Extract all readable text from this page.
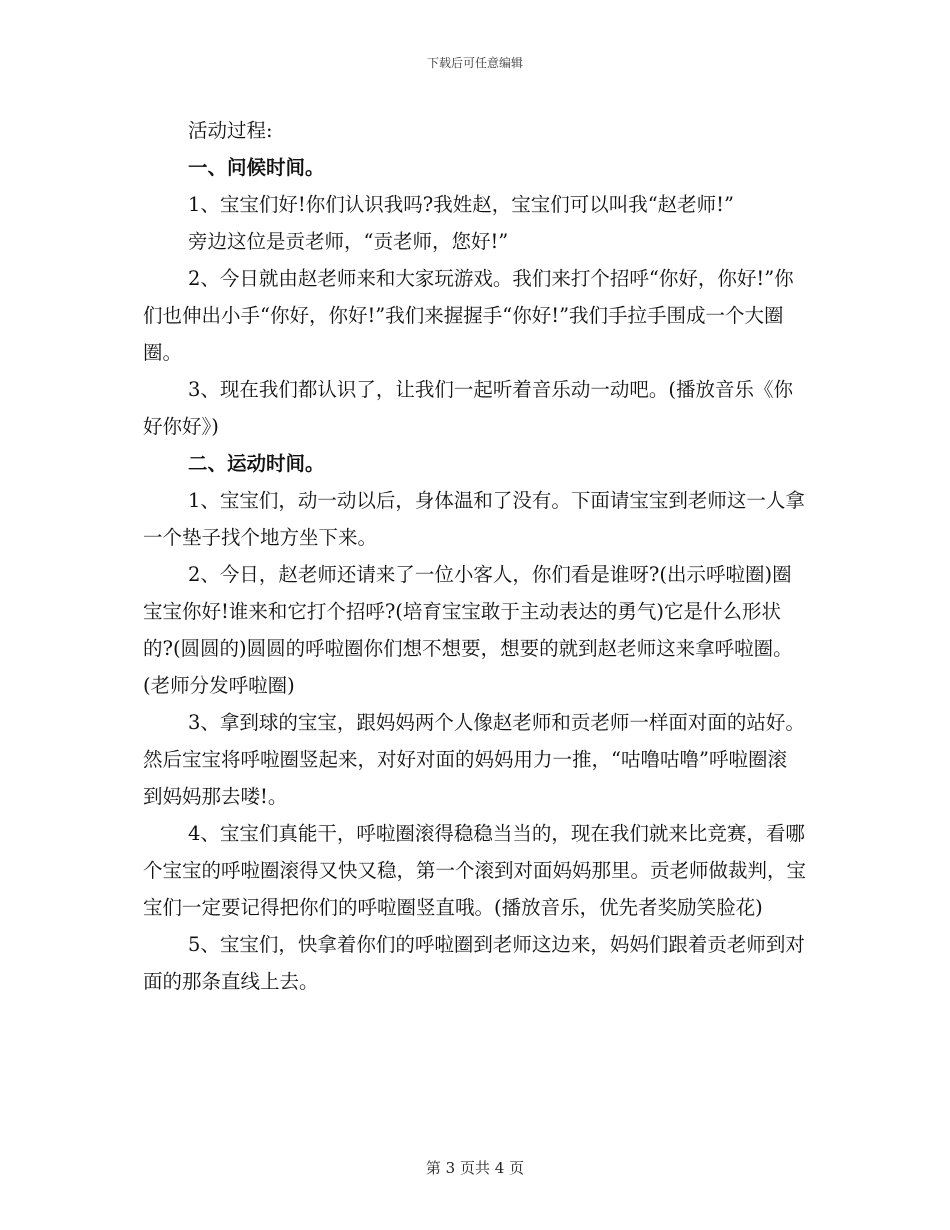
下载后可任意编辑

活动过程:

一、问候时间。

1、宝宝们好!你们认识我吗?我姓赵，宝宝们可以叫我“赵老师!”

旁边这位是贡老师，“贡老师，您好!”

2、今日就由赵老师来和大家玩游戏。我们来打个招呼“你好，你好!”你们也伸出小手“你好，你好!”我们来握握手“你好!”我们手拉手围成一个大圈圈。

3、现在我们都认识了，让我们一起听着音乐动一动吧。(播放音乐《你好你好》)

二、运动时间。

1、宝宝们，动一动以后，身体温和了没有。下面请宝宝到老师这一人拿一个垫子找个地方坐下来。

2、今日，赵老师还请来了一位小客人，你们看是谁呀?(出示呼啦圈)圈宝宝你好!谁来和它打个招呼?(培育宝宝敢于主动表达的勇气)它是什么形状的?(圆圆的)圆圆的呼啦圈你们想不想要，想要的就到赵老师这来拿呼啦圈。(老师分发呼啦圈)

3、拿到球的宝宝，跟妈妈两个人像赵老师和贡老师一样面对面的站好。然后宝宝将呼啦圈竖起来，对好对面的妈妈用力一推，“咕噜咕噜”呼啦圈滚到妈妈那去喽!。

4、宝宝们真能干，呼啦圈滚得稳稳当当的，现在我们就来比竞赛，看哪个宝宝的呼啦圈滚得又快又稳，第一个滚到对面妈妈那里。贡老师做裁判，宝宝们一定要记得把你们的呼啦圈竖直哦。(播放音乐，优先者奖励笑脸花)

5、宝宝们，快拿着你们的呼啦圈到老师这边来，妈妈们跟着贡老师到对面的那条直线上去。

第 3 页共 4 页
